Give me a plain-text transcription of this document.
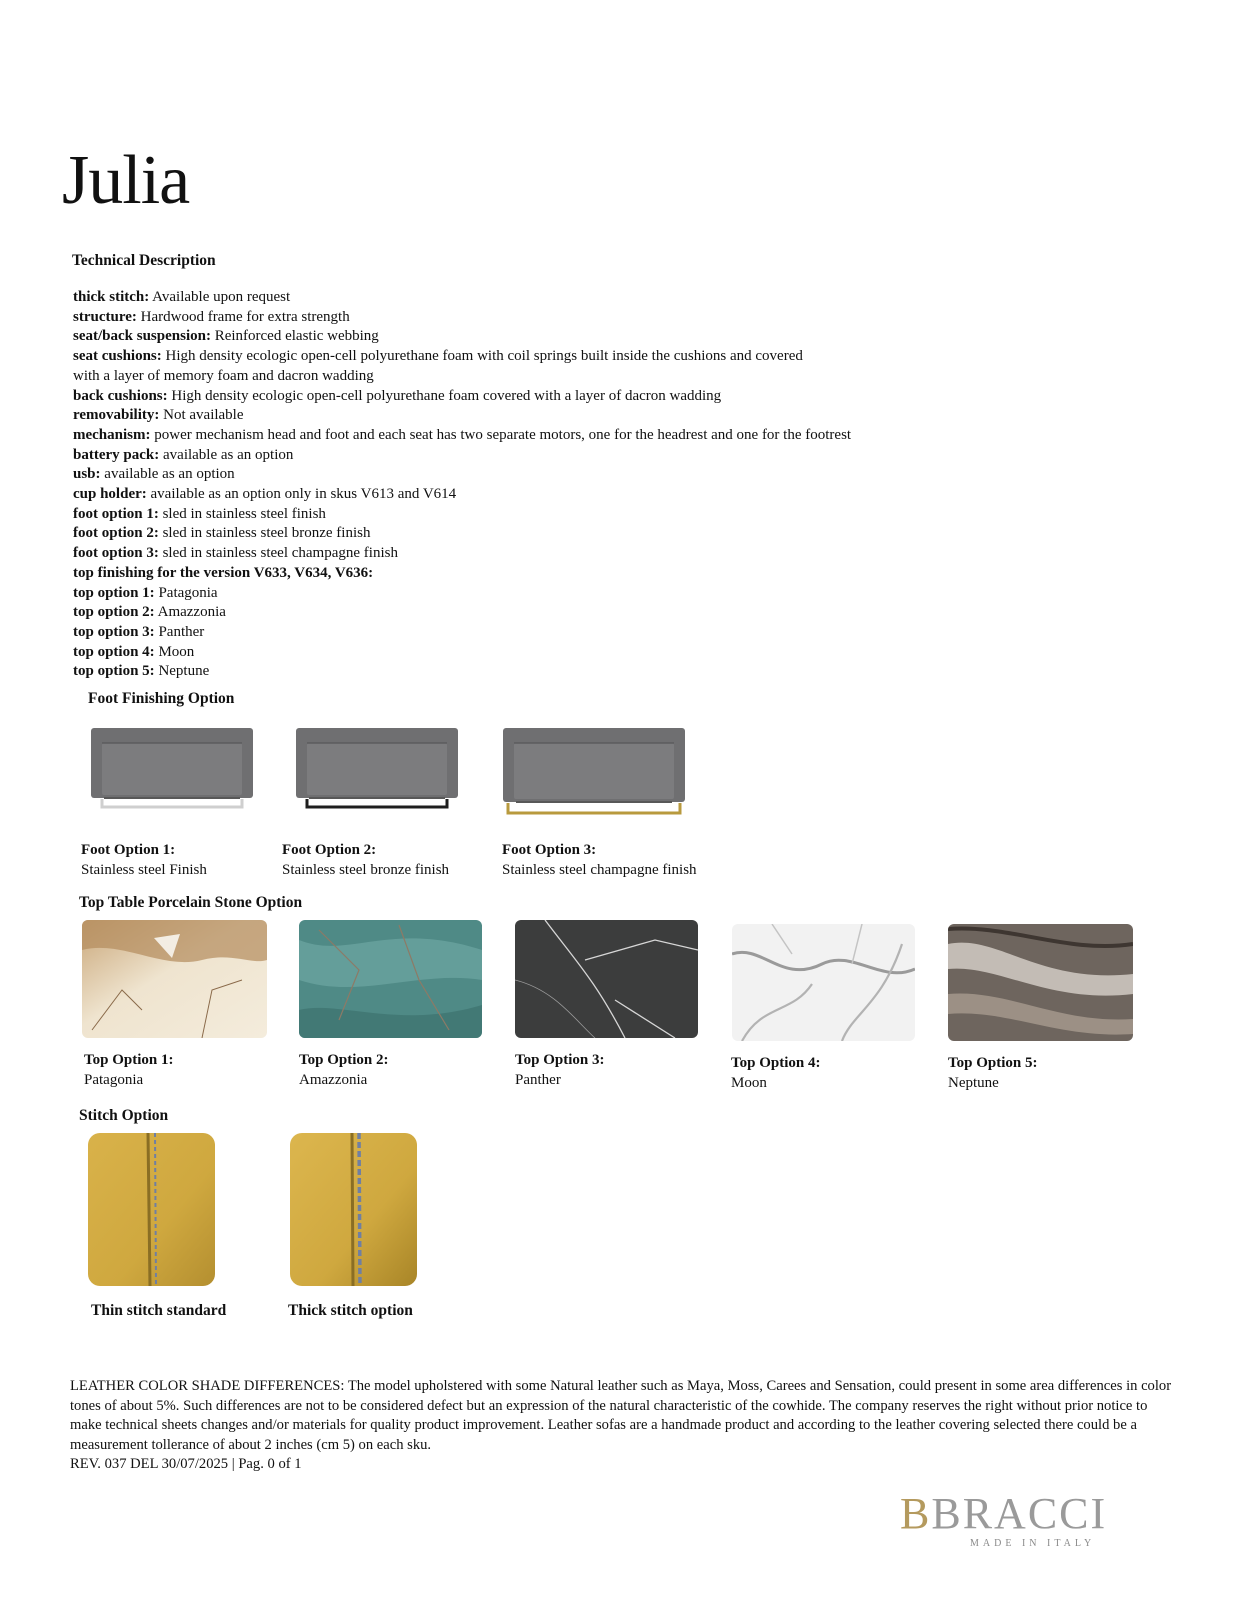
Julia
Technical Description
thick stitch: Available upon request
structure: Hardwood frame for extra strength
seat/back suspension: Reinforced elastic webbing
seat cushions: High density ecologic open-cell polyurethane foam with coil springs built inside the cushions and covered
with a layer of memory foam and dacron wadding
back cushions: High density ecologic open-cell polyurethane foam covered with a layer of dacron wadding
removability: Not available
mechanism: power mechanism head and foot and each seat has two separate motors, one for the headrest and one for the footrest
battery pack: available as an option
usb: available as an option
cup holder: available as an option only in skus V613 and V614
foot option 1: sled in stainless steel finish
foot option 2: sled in stainless steel bronze finish
foot option 3: sled in stainless steel champagne finish
top finishing for the version V633, V634, V636:
top option 1: Patagonia
top option 2: Amazzonia
top option 3: Panther
top option 4: Moon
top option 5: Neptune
Foot Finishing Option
Foot Option 1:
Stainless steel Finish
Foot Option 2:
Stainless steel bronze finish
Foot Option 3:
Stainless steel champagne finish
Top Table Porcelain Stone Option
Top Option 1:
Patagonia
Top Option 2:
Amazzonia
Top Option 3:
Panther
Top Option 4:
Moon
Top Option 5:
Neptune
Stitch Option
Thin stitch standard	Thick stitch option
LEATHER COLOR SHADE DIFFERENCES: The model upholstered with some Natural leather such as Maya, Moss, Carees and Sensation, could present in some area differences in color tones of about 5%. Such differences are not to be considered defect but an expression of the natural characteristic of the cowhide. The company reserves the right without prior notice to make technical sheets changes and/or materials for quality product improvement. Leather sofas are a handmade product and according to the leather covering selected there could be a measurement tollerance of about 2 inches (cm 5) on each sku.
REV. 037 DEL 30/07/2025 | Pag. 0 of 1
BBRACCI
MADE IN ITALY
